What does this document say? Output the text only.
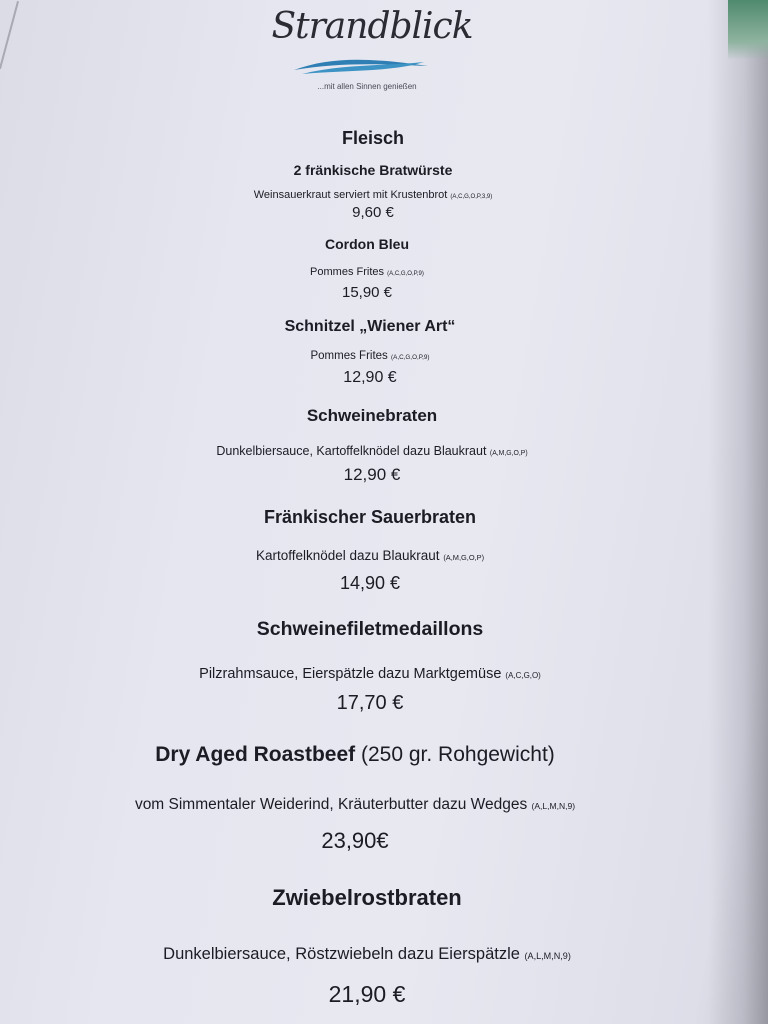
Strandblick
...mit allen Sinnen genießen
Fleisch
2 fränkische Bratwürste
Weinsauerkraut serviert mit Krustenbrot (A,C,G,O,P,3,9)
9,60 €
Cordon Bleu
Pommes Frites (A,C,G,O,P,9)
15,90 €
Schnitzel „Wiener Art“
Pommes Frites (A,C,G,O,P,9)
12,90 €
Schweinebraten
Dunkelbiersauce, Kartoffelknödel dazu Blaukraut (A,M,G,O,P)
12,90 €
Fränkischer Sauerbraten
Kartoffelknödel dazu Blaukraut (A,M,G,O,P)
14,90 €
Schweinefiletmedaillons
Pilzrahmsauce, Eierspätzle dazu Marktgemüse (A,C,G,O)
17,70 €
Dry Aged Roastbeef (250 gr. Rohgewicht)
vom Simmentaler Weiderind, Kräuterbutter dazu Wedges (A,L,M,N,9)
23,90€
Zwiebelrostbraten
Dunkelbiersauce, Röstzwiebeln dazu Eierspätzle (A,L,M,N,9)
21,90 €
